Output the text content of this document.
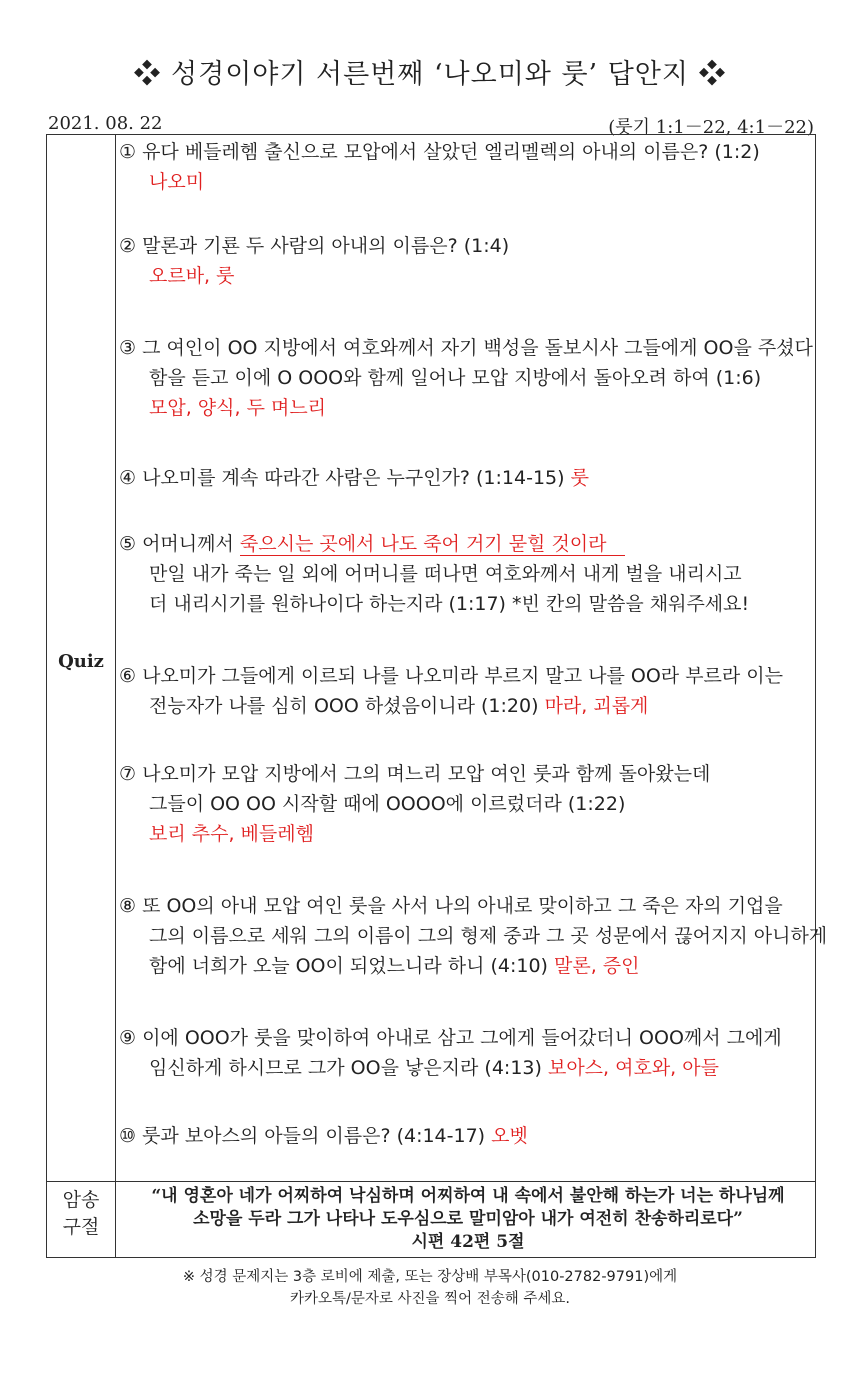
❖ 성경이야기 서른번째 ‘나오미와 룻’ 답안지 ❖
2021. 08. 22	(룻기 1:1－22, 4:1－22)
Quiz
암송
구절
① 유다 베들레헴 출신으로 모압에서 살았던 엘리멜렉의 아내의 이름은? (1:2)
나오미
② 말론과 기룐 두 사람의 아내의 이름은? (1:4)
오르바, 룻
③ 그 여인이 OO 지방에서 여호와께서 자기 백성을 돌보시사 그들에게 OO을 주셨다
함을 듣고 이에 O OOO와 함께 일어나 모압 지방에서 돌아오려 하여 (1:6)
모압, 양식, 두 며느리
④ 나오미를 계속 따라간 사람은 누구인가? (1:14-15) 룻
⑤ 어머니께서 죽으시는 곳에서 나도 죽어 거기 묻힐 것이라
만일 내가 죽는 일 외에 어머니를 떠나면 여호와께서 내게 벌을 내리시고
더 내리시기를 원하나이다 하는지라 (1:17) *빈 칸의 말씀을 채워주세요!
⑥ 나오미가 그들에게 이르되 나를 나오미라 부르지 말고 나를 OO라 부르라 이는
전능자가 나를 심히 OOO 하셨음이니라 (1:20) 마라, 괴롭게
⑦ 나오미가 모압 지방에서 그의 며느리 모압 여인 룻과 함께 돌아왔는데
그들이 OO OO 시작할 때에 OOOO에 이르렀더라 (1:22)
보리 추수, 베들레헴
⑧ 또 OO의 아내 모압 여인 룻을 사서 나의 아내로 맞이하고 그 죽은 자의 기업을
그의 이름으로 세워 그의 이름이 그의 형제 중과 그 곳 성문에서 끊어지지 아니하게
함에 너희가 오늘 OO이 되었느니라 하니 (4:10) 말론, 증인
⑨ 이에 OOO가 룻을 맞이하여 아내로 삼고 그에게 들어갔더니 OOO께서 그에게
임신하게 하시므로 그가 OO을 낳은지라 (4:13) 보아스, 여호와, 아들
⑩ 룻과 보아스의 아들의 이름은? (4:14-17) 오벳
“내 영혼아 네가 어찌하여 낙심하며 어찌하여 내 속에서 불안해 하는가 너는 하나님께
소망을 두라 그가 나타나 도우심으로 말미암아 내가 여전히 찬송하리로다”
시편 42편 5절
※ 성경 문제지는 3층 로비에 제출, 또는 장상배 부목사(010-2782-9791)에게
카카오톡/문자로 사진을 찍어 전송해 주세요.
